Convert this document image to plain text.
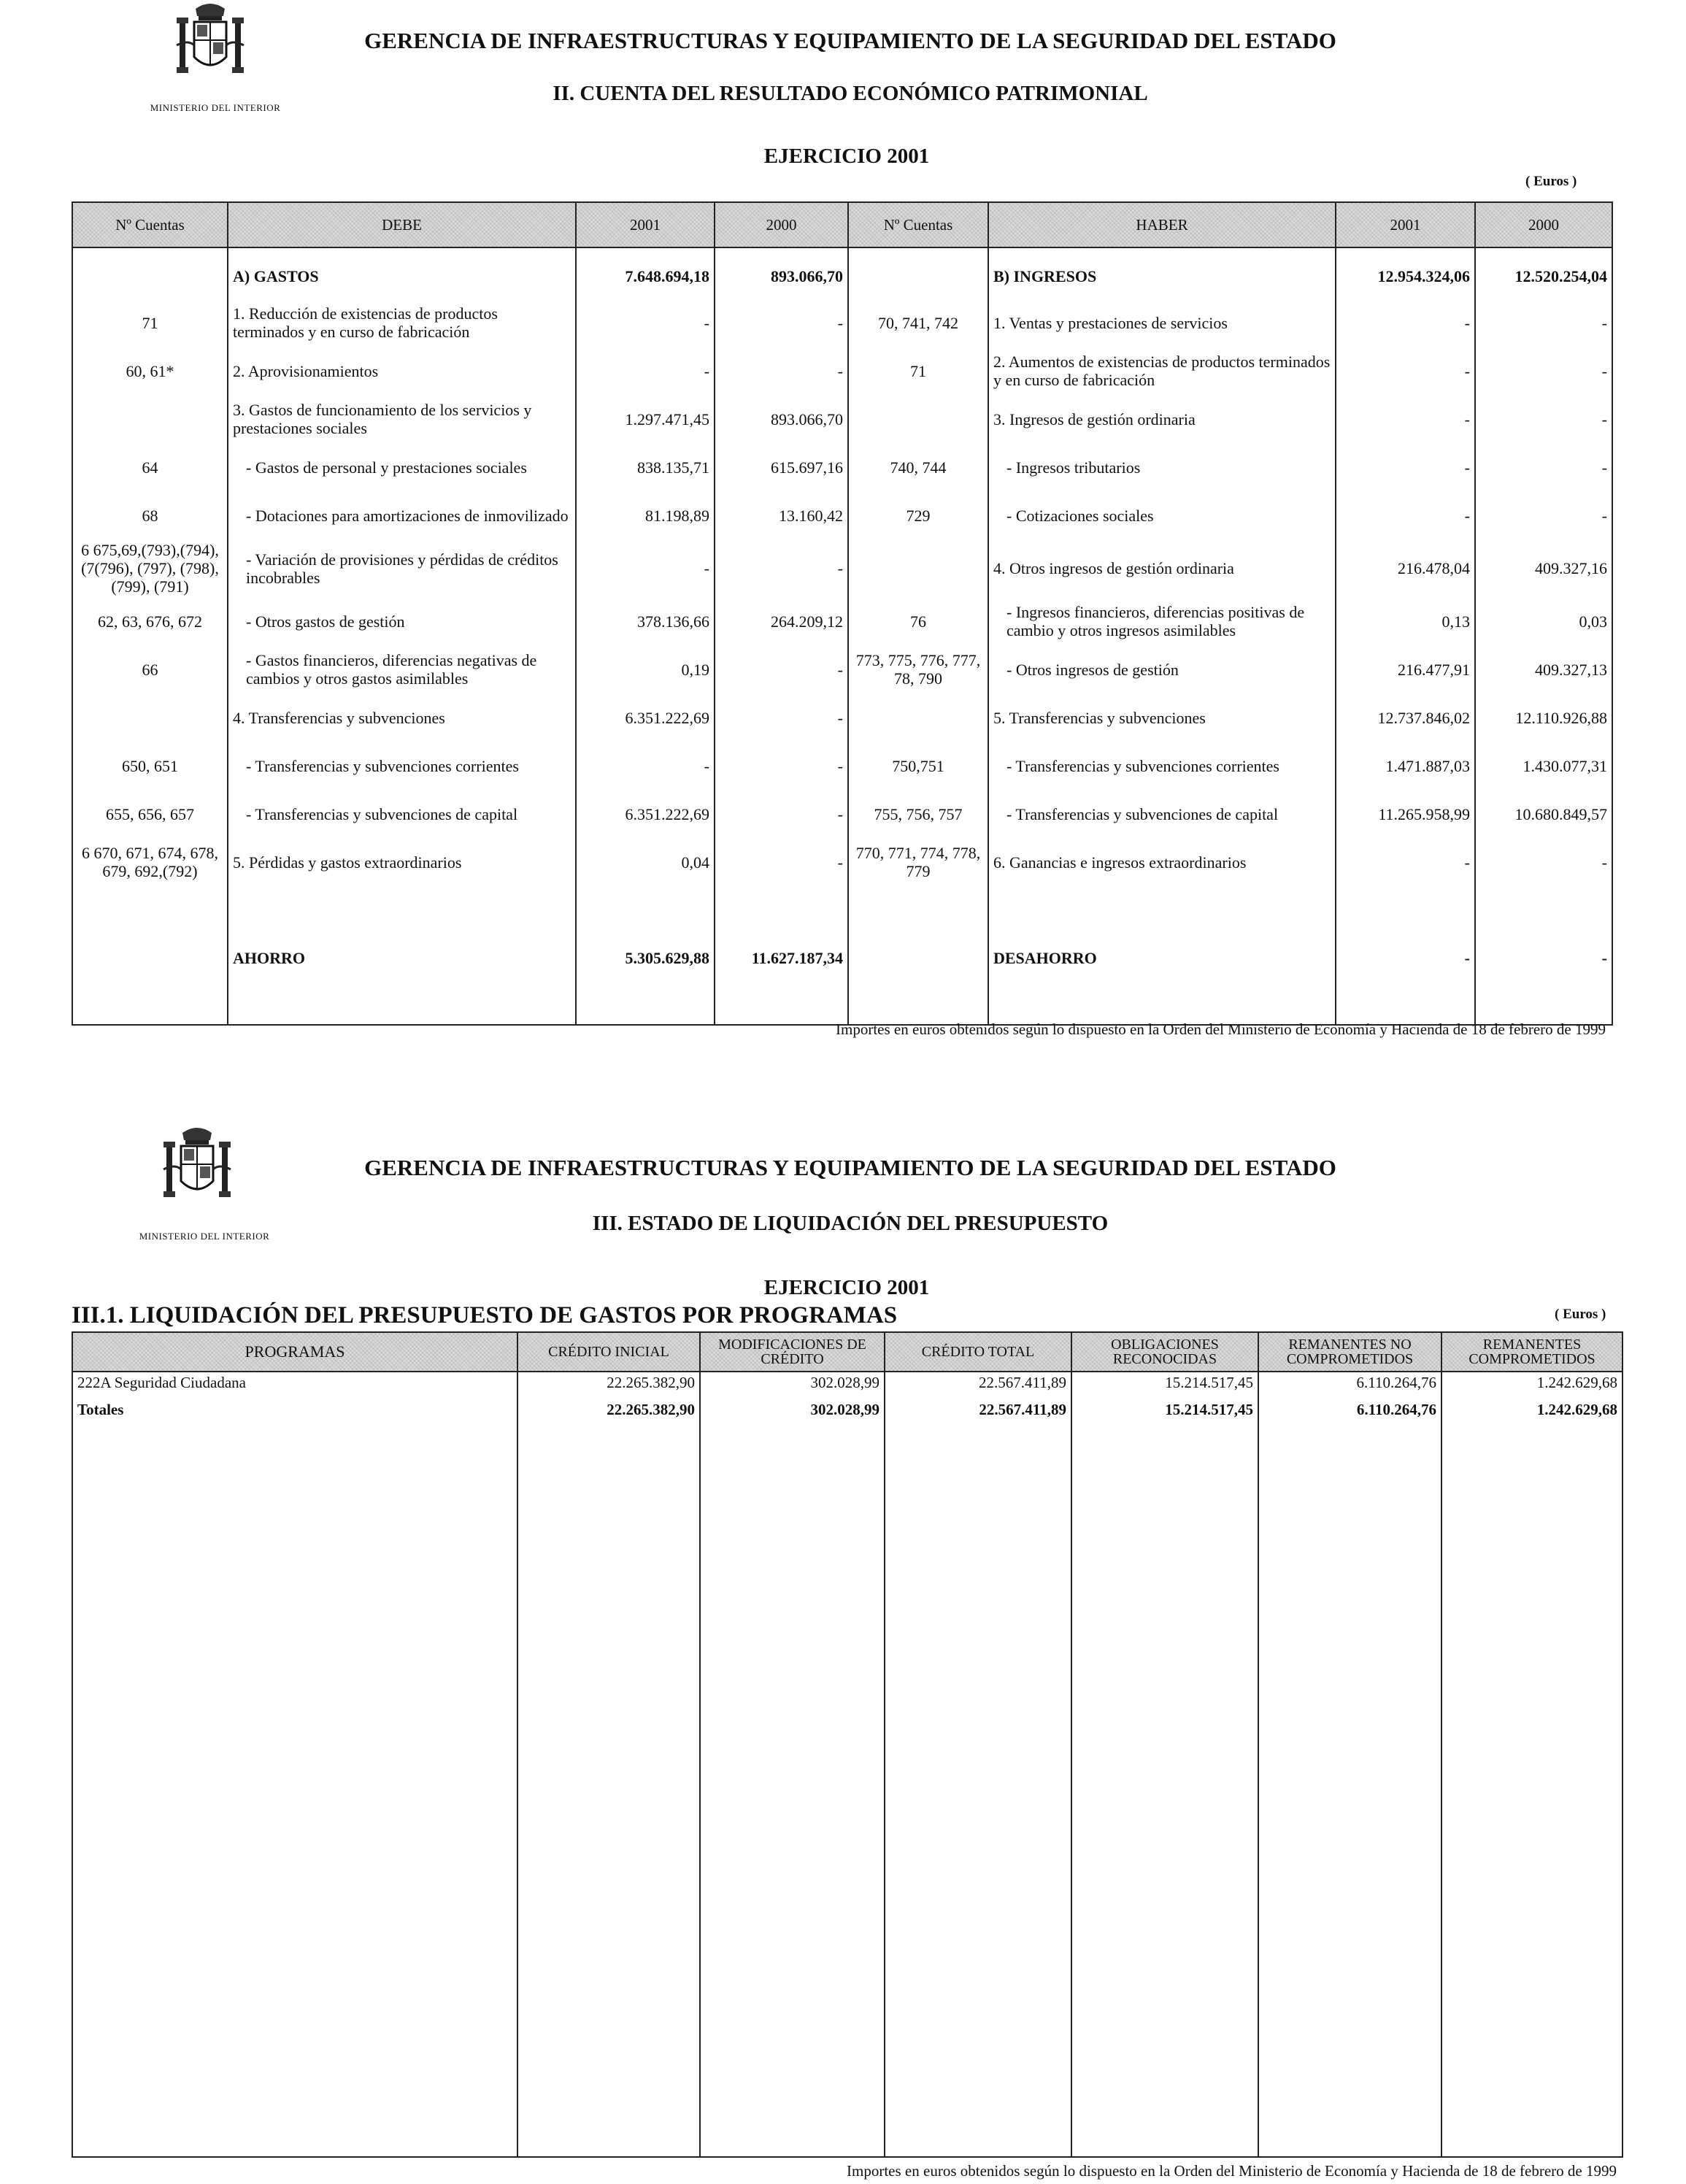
MINISTERIO DEL INTERIOR
GERENCIA DE INFRAESTRUCTURAS Y EQUIPAMIENTO DE LA SEGURIDAD DEL ESTADO
II. CUENTA DEL RESULTADO ECONÓMICO PATRIMONIAL
EJERCICIO 2001
( Euros )
Nº Cuentas	DEBE	2001	2000	Nº Cuentas	HABER	2001	2000
	A) GASTOS	7.648.694,18	893.066,70		B) INGRESOS	12.954.324,06	12.520.254,04
71	1. Reducción de existencias de productos terminados y en curso de fabricación	-	-	70, 741, 742	1. Ventas y prestaciones de servicios	-	-
60, 61*	2. Aprovisionamientos	-	-	71	2. Aumentos de existencias de productos terminados y en curso de fabricación	-	-
	3. Gastos de funcionamiento de los servicios y prestaciones sociales	1.297.471,45	893.066,70		3. Ingresos de gestión ordinaria	-	-
64	- Gastos de personal y prestaciones sociales	838.135,71	615.697,16	740, 744	- Ingresos tributarios	-	-
68	- Dotaciones para amortizaciones de inmovilizado	81.198,89	13.160,42	729	- Cotizaciones sociales	-	-
6 675,69,(793),(794), (7(796), (797), (798), (799), (791)	- Variación de provisiones y pérdidas de créditos incobrables	-	-		4. Otros ingresos de gestión ordinaria	216.478,04	409.327,16
62, 63, 676, 672	- Otros gastos de gestión	378.136,66	264.209,12	76	- Ingresos financieros, diferencias positivas de cambio y otros ingresos asimilables	0,13	0,03
66	- Gastos financieros, diferencias negativas de cambios y otros gastos asimilables	0,19	-	773, 775, 776, 777, 78, 790	- Otros ingresos de gestión	216.477,91	409.327,13
	4. Transferencias y subvenciones	6.351.222,69	-		5. Transferencias y subvenciones	12.737.846,02	12.110.926,88
650, 651	- Transferencias y subvenciones corrientes	-	-	750,751	- Transferencias y subvenciones corrientes	1.471.887,03	1.430.077,31
655, 656, 657	- Transferencias y subvenciones de capital	6.351.222,69	-	755, 756, 757	- Transferencias y subvenciones de capital	11.265.958,99	10.680.849,57
6 670, 671, 674, 678, 679, 692,(792)	5. Pérdidas y gastos extraordinarios	0,04	-	770, 771, 774, 778, 779	6. Ganancias e ingresos extraordinarios	-	-
	AHORRO	5.305.629,88	11.627.187,34		DESAHORRO	-	-
Importes en euros obtenidos según lo dispuesto en la Orden del Ministerio de Economía y Hacienda de 18 de febrero de 1999
MINISTERIO DEL INTERIOR
GERENCIA DE INFRAESTRUCTURAS Y EQUIPAMIENTO DE LA SEGURIDAD DEL ESTADO
III. ESTADO DE LIQUIDACIÓN DEL PRESUPUESTO
EJERCICIO 2001
III.1. LIQUIDACIÓN DEL PRESUPUESTO DE GASTOS POR PROGRAMAS	( Euros )
PROGRAMAS	CRÉDITO INICIAL	MODIFICACIONES DE CRÉDITO	CRÉDITO TOTAL	OBLIGACIONES RECONOCIDAS	REMANENTES NO COMPROMETIDOS	REMANENTES COMPROMETIDOS
222A Seguridad Ciudadana	22.265.382,90	302.028,99	22.567.411,89	15.214.517,45	6.110.264,76	1.242.629,68
Totales	22.265.382,90	302.028,99	22.567.411,89	15.214.517,45	6.110.264,76	1.242.629,68

Importes en euros obtenidos según lo dispuesto en la Orden del Ministerio de Economía y Hacienda de 18 de febrero de 1999
